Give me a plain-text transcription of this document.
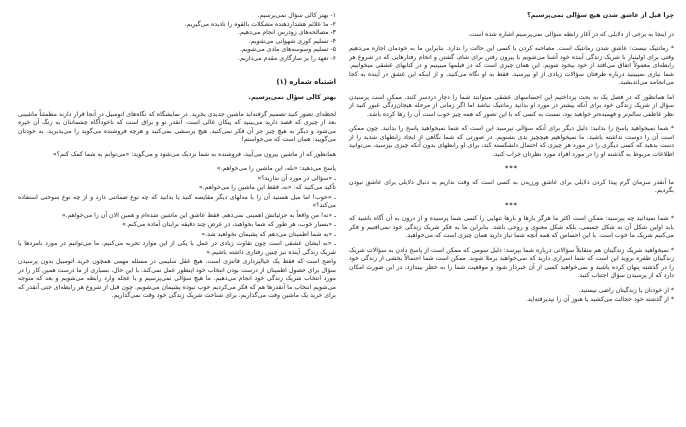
چرا قبل از عاشق شدن هیچ سؤالی نمی‌پرسیم؟

در اینجا به برخی از دلایلی که در آغاز رابطه سؤالی نمی‌پرسیم اشاره شده است.

* رمانتیک نیست: عاشق شدن رمانتیک است. مصاحبه کردن با کسی این حالت را ندارد. بنابراین ما به خودمان اجازه می‌دهیم وقتی برای اولینبار با شریک زندگی آینده خود آشنا می‌شویم با بیرون رفتن برای شام، گشتن و انجام رفتارهایی که در شروع هر رابطه‌ای معمولاً اتفاق می‌افتد از خود بیخود شویم. این همان چیزی است که در فیلمها میبینیم و در کتابهای عشقی میخوانیم. شما نیازی نمیبینید درباره طرفتان سؤالات زیادی از او بپرسید. فقط به او نگاه می‌کنید، و از اینکه این عشق در آینده به کجا می‌انجامد می‌اندیشید.

اما همانطور که در فصل یک به بحث پرداختیم این احساسهای عشقی میتوانند شما را دچار دردسر کنند. ممکن است پرسیدن سؤال از شریک زندگی خود برای آنکه بیشتر در مورد او بدانید رمانتیک نباشد اما اگر زمانی از مرحله هیجان‌زدگی عبور کنید از نظر عاطفی سالم‌تر و فهمیده‌تر خواهید بود، نسبت به کسی که با این تصور که همه چیز خوب است آن را رها کرده باشد.

* شما نمیخواهید پاسخ را بدانید: دلیل دیگر برای آنکه سؤالی نپرسید این است که شما نمیخواهید پاسخ را بدانید. چون ممکن است آن را دوست نداشته باشید. ما نمیخواهیم هیچچیز بدی بشنویم. در صورتی که شما نگاهی از ایجاد رابطهای شدید را از دست بدهید که کسی دیگری را در مورد هر چیزی که احتمال دلشکسته کند، برای او رابطهای بدون آنکه چیزی بپرسید، می‌توانید اطلاعات مربوط به گذشته او را در مورد افراد مورد نظرتان خراب کنید.

***

ما آنقدر سرمان گرم پیدا کردن دلایلی برای عاشق ورزیدن به کسی است که وقت نداریم به دنبال دلایلی برای عاشق نبودن بگردیم.

***

* شما نمیدانید چه بپرسید: ممکن است اکثر ما هرگز بارها و بارها تنهایی را کسی شما پرسیده و از درون به آن آگاه باشید که باید اولین شکل آن نه شکل جسمی، بلکه شکل معنوی و روحی باشد. بنابراین ما به فکر شریک زندگی خود نمی‌افتیم و فکر می‌کنیم شریک ما خوب است. با این احساس که همه آنچه شما نیاز دارید همان چیزی است که می‌خواهید.

* نمیخواهید شریک زندگیتان هم متقابلاً سؤالاتی درباره شما بپرسد: دلیل سومی که ممکن است از پاسخ دادن به سؤالات شریک زندگیتان طفره بروید این است که شما اسراری دارید که نمی‌خواهید برملا شوند. ممکن است شما احتمالاً بخشی از زندگی خود را در گذشته پنهان کرده باشید و نمی‌خواهید کسی از آن خبردار شود و موقعیت شما را به خطر بیندازد. در این صورت امکان دارد که از پرسیدن سؤال اجتناب کنید.

* از خودتان یا زندگیتان راضی نیستید.

* از گذشته خود خجالت می‌کشید یا هنوز آن را نپذیرفته‌اید.

۱- بهتر کالی سؤال نمی‌پرسیم.
۲- ما علائم هشداردهنده مشکلات بالقوه را نادیده می‌گیریم.
۳- مصالحه‌های زودرس انجام می‌دهیم.
۴- تسلیم کوری شهوانی می‌شویم.
۵- تسلیم وسوسه‌های مادی می‌شویم.
۶- تعهد را بر سازگاری مقدم می‌داریم.
اشتباه شماره (۱)
بهتر کالی سؤال نمی‌پرسیم.

لحظه‌ای تصور کنید تصمیم گرفته‌اید ماشین جدیدی بخرید. در نمایشگاه که نگاه‌های اتومبیل در آنجا قرار دارند مطمئناً ماشینی بعد از چیزی که قصد دارید می‌بینید که پیکان عالی است. آنقدر نو و براق است که ناخودآگاه چشمانتان به رنگ آن خیره می‌شود و دیگر به هیچ چیز جز آن فکر نمی‌کنید. هیچ پرسشی نمی‌کنید و هرچه فروشنده می‌گوید را می‌پذیرید. به خودتان می‌گویید: همان است که می‌خواستم!

همانطور که از ماشین بیرون می‌آیید، فروشنده به شما نزدیک می‌شود و می‌گوید: «می‌توانم به شما کمک کنم؟»

پاسخ می‌دهید: «بله، این ماشین را می‌خواهم.»

ـ «سؤالی در مورد آن ندارید؟»

تأکید می‌کنید که: «نه، فقط این ماشین را می‌خواهم.»

ـ «خوب! اما مبل هستید آن را با مدلهای دیگر مقایسه کنید یا بدانید که چه نوع ضمانتی دارد و از چه نوع سوختی استفاده می‌کند؟»

ـ «نه! من واقعاً به جزئیاتش اهمیتی نمی‌دهم. فقط عاشق این ماشین شده‌ام و همین الان آن را می‌خواهم.»

ـ «بسیار خوب، هر طور که شما بخواهید، در عرض چند دقیقه برایتان آماده می‌کنم.»

ـ «به شما اطمینان می‌دهم که پشیمان نخواهید شد.»

ـ «به ایشان عشقی است چون تفاوت زیادی در عمل با یکی از این موارد تجربه می‌کنیم، ما می‌توانیم در مورد نامزدها یا شریک زندگی آینده نیز چنین رفتاری داشته باشیم.»

واضح است که فقط یک خیالپردازی فانتزی است. هیچ عقل سلیمی در مسئله مهمی همچون خرید اتومبیل بدون پرسیدن سؤال برای حصول اطمینان از درست بودن انتخاب خود اینطور عمل نمی‌کند. با این حال، بسیاری از ما درست همین کار را در مورد انتخاب شریک زندگی خود انجام می‌دهیم. ما هیچ سؤالی نمی‌پرسیم و با عجله وارد رابطه می‌شویم و بعد که متوجه می‌شویم انتخاب ما آنقدرها هم که فکر می‌کردیم خوب نبوده پشیمان می‌شویم. چون قبل از شروع هر رابطه‌ای حتی آنقدر که برای خرید یک ماشین وقت می‌گذاریم، برای شناخت شریک زندگی خود وقت نمی‌گذاریم.
